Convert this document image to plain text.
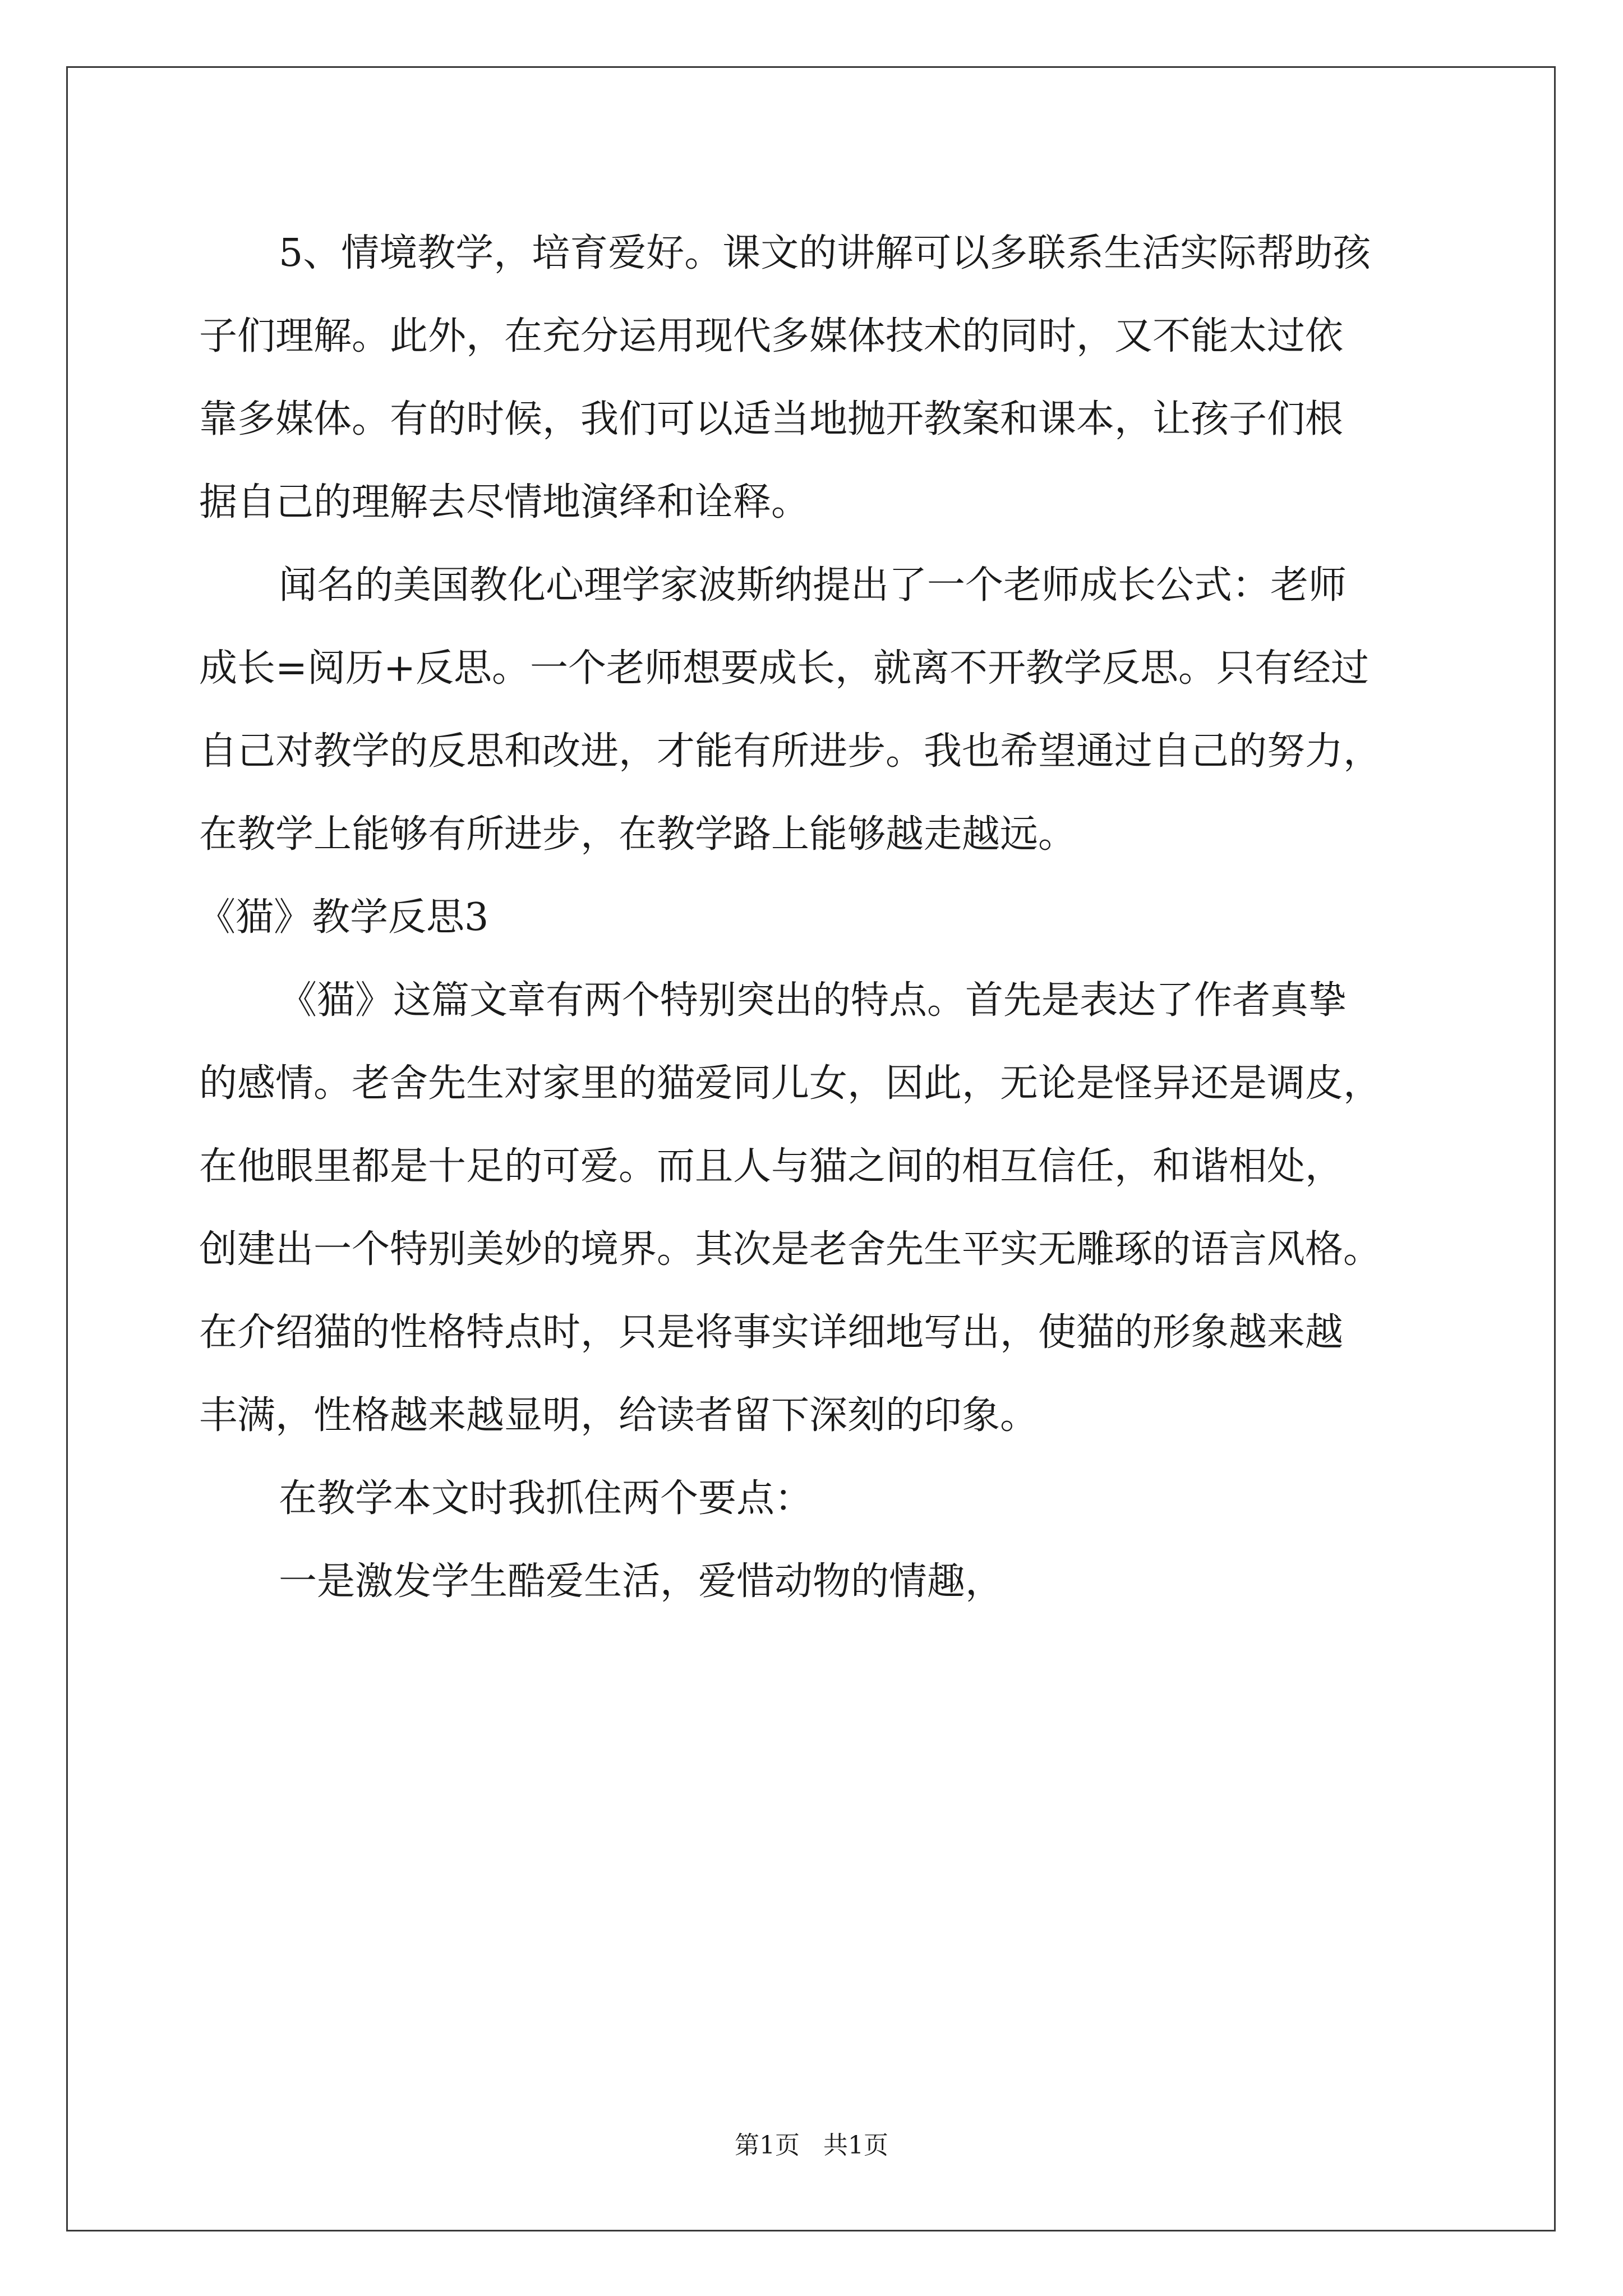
5、情境教学，培育爱好。课文的讲解可以多联系生活实际帮助孩

子们理解。此外，在充分运用现代多媒体技术的同时，又不能太过依

靠多媒体。有的时候，我们可以适当地抛开教案和课本，让孩子们根

据自己的理解去尽情地演绎和诠释。

闻名的美国教化心理学家波斯纳提出了一个老师成长公式：老师

成长=阅历+反思。一个老师想要成长，就离不开教学反思。只有经过

自己对教学的反思和改进，才能有所进步。我也希望通过自己的努力，

在教学上能够有所进步，在教学路上能够越走越远。

《猫》教学反思3

《猫》这篇文章有两个特别突出的特点。首先是表达了作者真挚

的感情。老舍先生对家里的猫爱同儿女，因此，无论是怪异还是调皮，

在他眼里都是十足的可爱。而且人与猫之间的相互信任，和谐相处，

创建出一个特别美妙的境界。其次是老舍先生平实无雕琢的语言风格。

在介绍猫的性格特点时，只是将事实详细地写出，使猫的形象越来越

丰满，性格越来越显明，给读者留下深刻的印象。

在教学本文时我抓住两个要点：

一是激发学生酷爱生活，爱惜动物的情趣，

第1页 共1页
